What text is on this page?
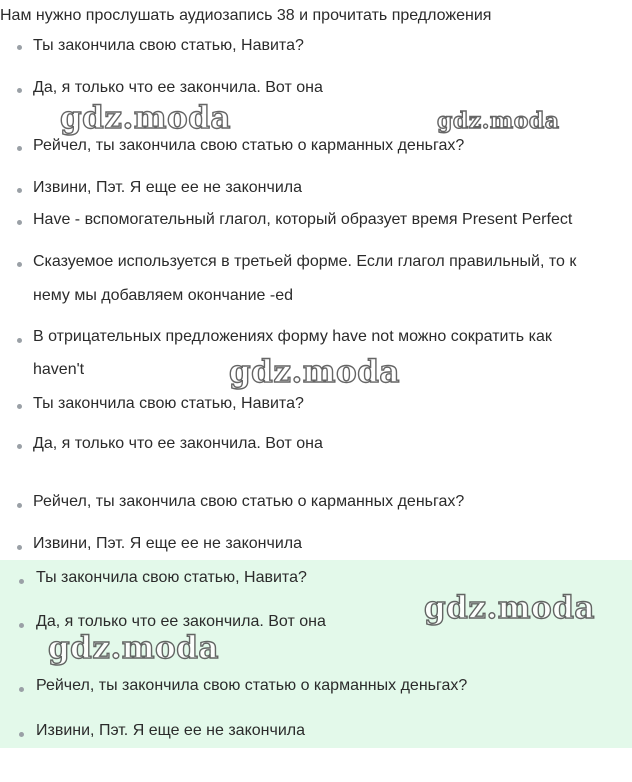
Нам нужно прослушать аудиозапись 38 и прочитать предложения
Ты закончила свою статью, Навита?
Да, я только что ее закончила. Вот она
Рейчел, ты закончила свою статью о карманных деньгах?
Извини, Пэт. Я еще ее не закончила
Have - вспомогательный глагол, который образует время Present Perfect
Сказуемое используется в третьей форме. Если глагол правильный, то к
нему мы добавляем окончание -ed
В отрицательных предложениях форму have not можно сократить как
haven't
Ты закончила свою статью, Навита?
Да, я только что ее закончила. Вот она
Рейчел, ты закончила свою статью о карманных деньгах?
Извини, Пэт. Я еще ее не закончила
Ты закончила свою статью, Навита?
Да, я только что ее закончила. Вот она
Рейчел, ты закончила свою статью о карманных деньгах?
Извини, Пэт. Я еще ее не закончила
gdz.moda	gdz.moda
gdz.moda
gdz.moda
gdz.moda
